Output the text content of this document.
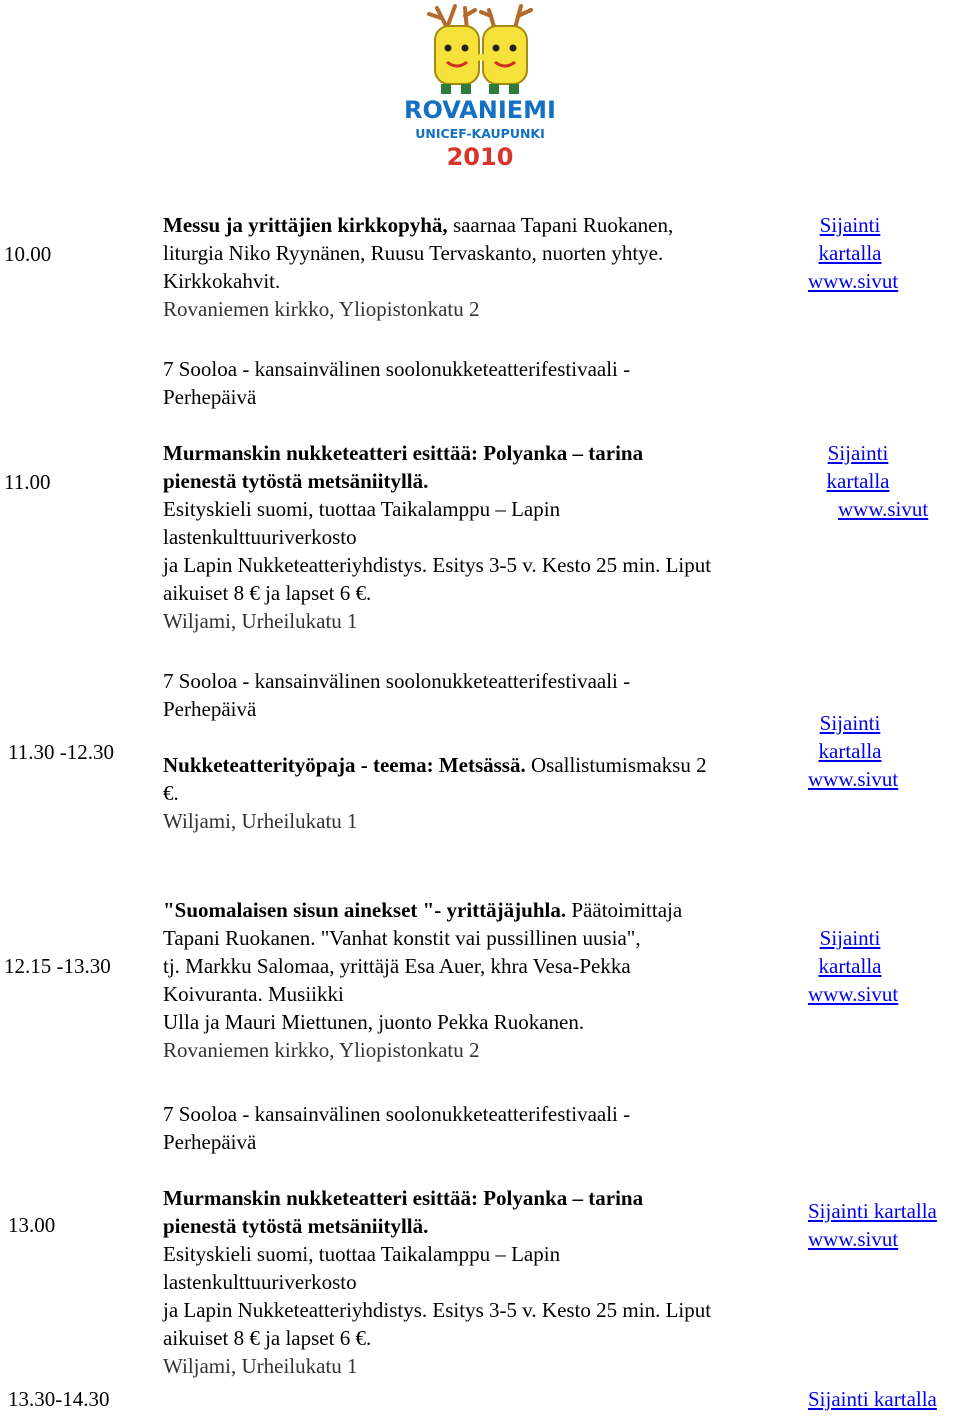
ROVANIEMI
UNICEF-KAUPUNKI
2010
10.00

Messu ja yrittäjien kirkkopyhä, saarnaa Tapani Ruokanen,

liturgia Niko Ryynänen, Ruusu Tervaskanto, nuorten yhtye.

Kirkkokahvit.

Rovaniemen kirkko, Yliopistonkatu 2

Sijainti
kartalla
www.sivut
11.00

7 Sooloa - kansainvälinen soolonukketeatterifestivaali -

Perhepäivä

Murmanskin nukketeatteri esittää: Polyanka – tarina

pienestä tytöstä metsäniityllä.

Esityskieli suomi, tuottaa Taikalamppu – Lapin

lastenkulttuuriverkosto

ja Lapin Nukketeatteriyhdistys. Esitys 3-5 v. Kesto 25 min. Liput

aikuiset 8 € ja lapset 6 €.

Wiljami, Urheilukatu 1

Sijainti
kartalla
www.sivut
11.30 -12.30

7 Sooloa - kansainvälinen soolonukketeatterifestivaali -

Perhepäivä

Nukketeatterityöpaja - teema: Metsässä. Osallistumismaksu 2

€.

Wiljami, Urheilukatu 1

Sijainti
kartalla
www.sivut
12.15 -13.30

"Suomalaisen sisun ainekset "- yrittäjäjuhla. Päätoimittaja

Tapani Ruokanen. "Vanhat konstit vai pussillinen uusia",

tj. Markku Salomaa, yrittäjä Esa Auer, khra Vesa-Pekka

Koivuranta. Musiikki

Ulla ja Mauri Miettunen, juonto Pekka Ruokanen.

Rovaniemen kirkko, Yliopistonkatu 2

Sijainti
kartalla
www.sivut
13.00

7 Sooloa - kansainvälinen soolonukketeatterifestivaali -

Perhepäivä

Murmanskin nukketeatteri esittää: Polyanka – tarina

pienestä tytöstä metsäniityllä.

Esityskieli suomi, tuottaa Taikalamppu – Lapin

lastenkulttuuriverkosto

ja Lapin Nukketeatteriyhdistys. Esitys 3-5 v. Kesto 25 min. Liput

aikuiset 8 € ja lapset 6 €.

Wiljami, Urheilukatu 1

Sijainti kartalla
www.sivut
13.30-14.30	Sijainti kartalla
